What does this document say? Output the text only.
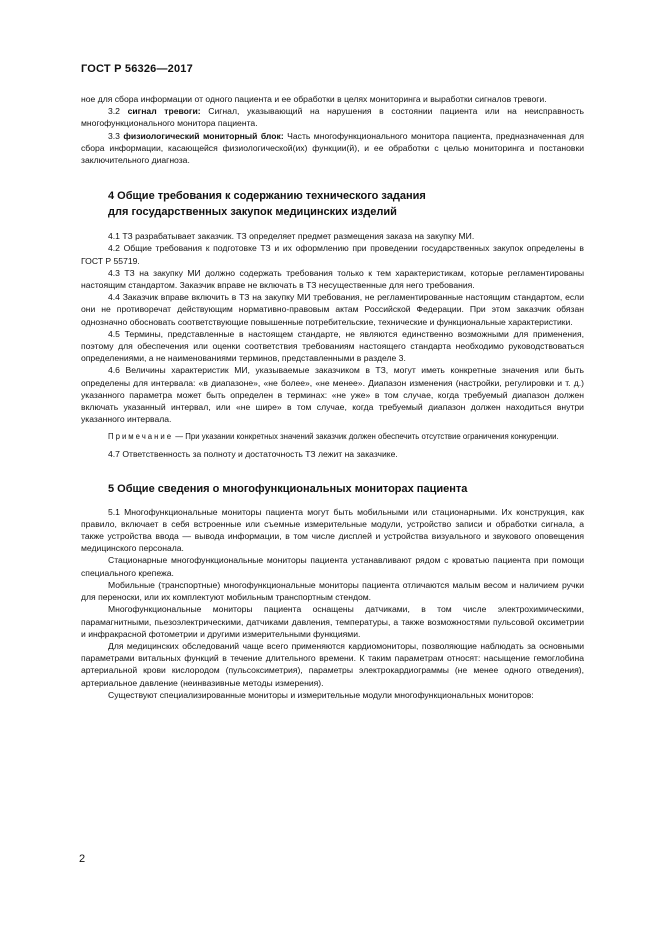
ГОСТ Р 56326—2017

ное для сбора информации от одного пациента и ее обработки в целях мониторинга и выработки сигналов тревоги.

3.2 сигнал тревоги: Сигнал, указывающий на нарушения в состоянии пациента или на неисправность многофункционального монитора пациента.

3.3 физиологический мониторный блок: Часть многофункционального монитора пациента, предназначенная для сбора информации, касающейся физиологической(их) функции(й), и ее обработки с целью мониторинга и постановки заключительного диагноза.

4 Общие требования к содержанию технического задания
для государственных закупок медицинских изделий

4.1 ТЗ разрабатывает заказчик. ТЗ определяет предмет размещения заказа на закупку МИ.

4.2 Общие требования к подготовке ТЗ и их оформлению при проведении государственных закупок определены в ГОСТ Р 55719.

4.3 ТЗ на закупку МИ должно содержать требования только к тем характеристикам, которые регламентированы настоящим стандартом. Заказчик вправе не включать в ТЗ несущественные для него требования.

4.4 Заказчик вправе включить в ТЗ на закупку МИ требования, не регламентированные настоящим стандартом, если они не противоречат действующим нормативно-правовым актам Российской Федерации. При этом заказчик обязан однозначно обосновать соответствующие повышенные потребительские, технические и функциональные характеристики.

4.5 Термины, представленные в настоящем стандарте, не являются единственно возможными для применения, поэтому для обеспечения или оценки соответствия требованиям настоящего стандарта необходимо руководствоваться определениями, а не наименованиями терминов, представленными в разделе 3.

4.6 Величины характеристик МИ, указываемые заказчиком в ТЗ, могут иметь конкретные значения или быть определены для интервала: «в диапазоне», «не более», «не менее». Диапазон изменения (настройки, регулировки и т. д.) указанного параметра может быть определен в терминах: «не уже» в том случае, когда требуемый диапазон должен включать указанный интервал, или «не шире» в том случае, когда требуемый диапазон должен находиться внутри указанного интервала.

Примечание — При указании конкретных значений заказчик должен обеспечить отсутствие ограничения конкуренции.

4.7 Ответственность за полноту и достаточность ТЗ лежит на заказчике.

5 Общие сведения о многофункциональных мониторах пациента

5.1 Многофункциональные мониторы пациента могут быть мобильными или стационарными. Их конструкция, как правило, включает в себя встроенные или съемные измерительные модули, устройство записи и обработки сигнала, а также устройства ввода — вывода информации, в том числе дисплей и устройства визуального и звукового оповещения медицинского персонала.

Стационарные многофункциональные мониторы пациента устанавливают рядом с кроватью пациента при помощи специального крепежа.

Мобильные (транспортные) многофункциональные мониторы пациента отличаются малым весом и наличием ручки для переноски, или их комплектуют мобильным транспортным стендом.

Многофункциональные мониторы пациента оснащены датчиками, в том числе электрохимическими, парамагнитными, пьезоэлектрическими, датчиками давления, температуры, а также возможностями пульсовой оксиметрии и инфракрасной фотометрии и другими измерительными функциями.

Для медицинских обследований чаще всего применяются кардиомониторы, позволяющие наблюдать за основными параметрами витальных функций в течение длительного времени. К таким параметрам относят: насыщение гемоглобина артериальной крови кислородом (пульсоксиметрия), параметры электрокардиограммы (не менее одного отведения), артериальное давление (неинвазивные методы измерения).

Существуют специализированные мониторы и измерительные модули многофункциональных мониторов:

2
